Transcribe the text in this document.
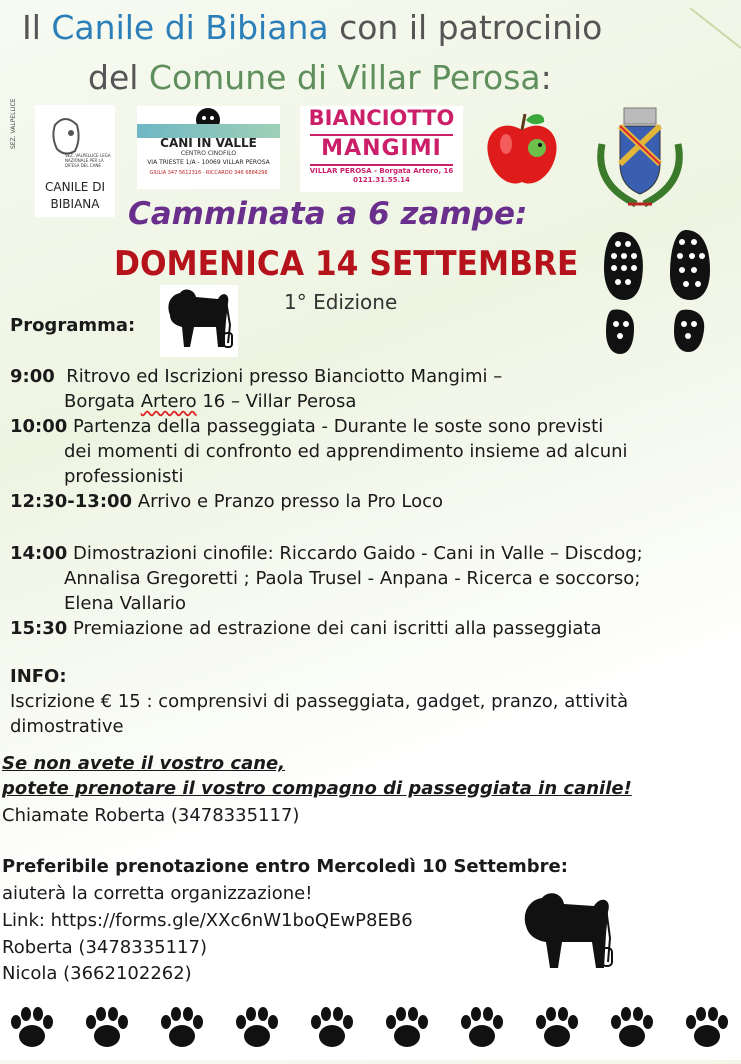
Il Canile di Bibiana con il patrocinio
del Comune di Villar Perosa:
SEZ. VALPELLICE
SEZ. VALPELLICE LEGA NAZIONALE PER LA DIFESA DEL CANE
CANILE DI
BIBIANA
CANI IN VALLE
CENTRO CINOFILO
VIA TRIESTE 1/A - 10069 VILLAR PEROSA
GIULIA 347 5612316 · RICCARDO 346 6884296
BIANCIOTTO
MANGIMI
VILLAR PEROSA - Borgata Artero, 16
0121.31.55.14
Camminata a 6 zampe:
DOMENICA 14 SETTEMBRE
1° Edizione
Programma:
9:00 Ritrovo ed Iscrizioni presso Bianciotto Mangimi –
Borgata Artero 16 – Villar Perosa
10:00 Partenza della passeggiata - Durante le soste sono previsti
dei momenti di confronto ed apprendimento insieme ad alcuni
professionisti
12:30-13:00 Arrivo e Pranzo presso la Pro Loco
14:00 Dimostrazioni cinofile: Riccardo Gaido - Cani in Valle – Discdog;
Annalisa Gregoretti ; Paola Trusel - Anpana - Ricerca e soccorso;
Elena Vallario
15:30 Premiazione ad estrazione dei cani iscritti alla passeggiata
INFO:
Iscrizione € 15 : comprensivi di passeggiata, gadget, pranzo, attività
dimostrative
Se non avete il vostro cane,
potete prenotare il vostro compagno di passeggiata in canile!
Chiamate Roberta (3478335117)
Preferibile prenotazione entro Mercoledì 10 Settembre:
aiuterà la corretta organizzazione!
Link: https://forms.gle/XXc6nW1boQEwP8EB6
Roberta (3478335117)
Nicola (3662102262)
